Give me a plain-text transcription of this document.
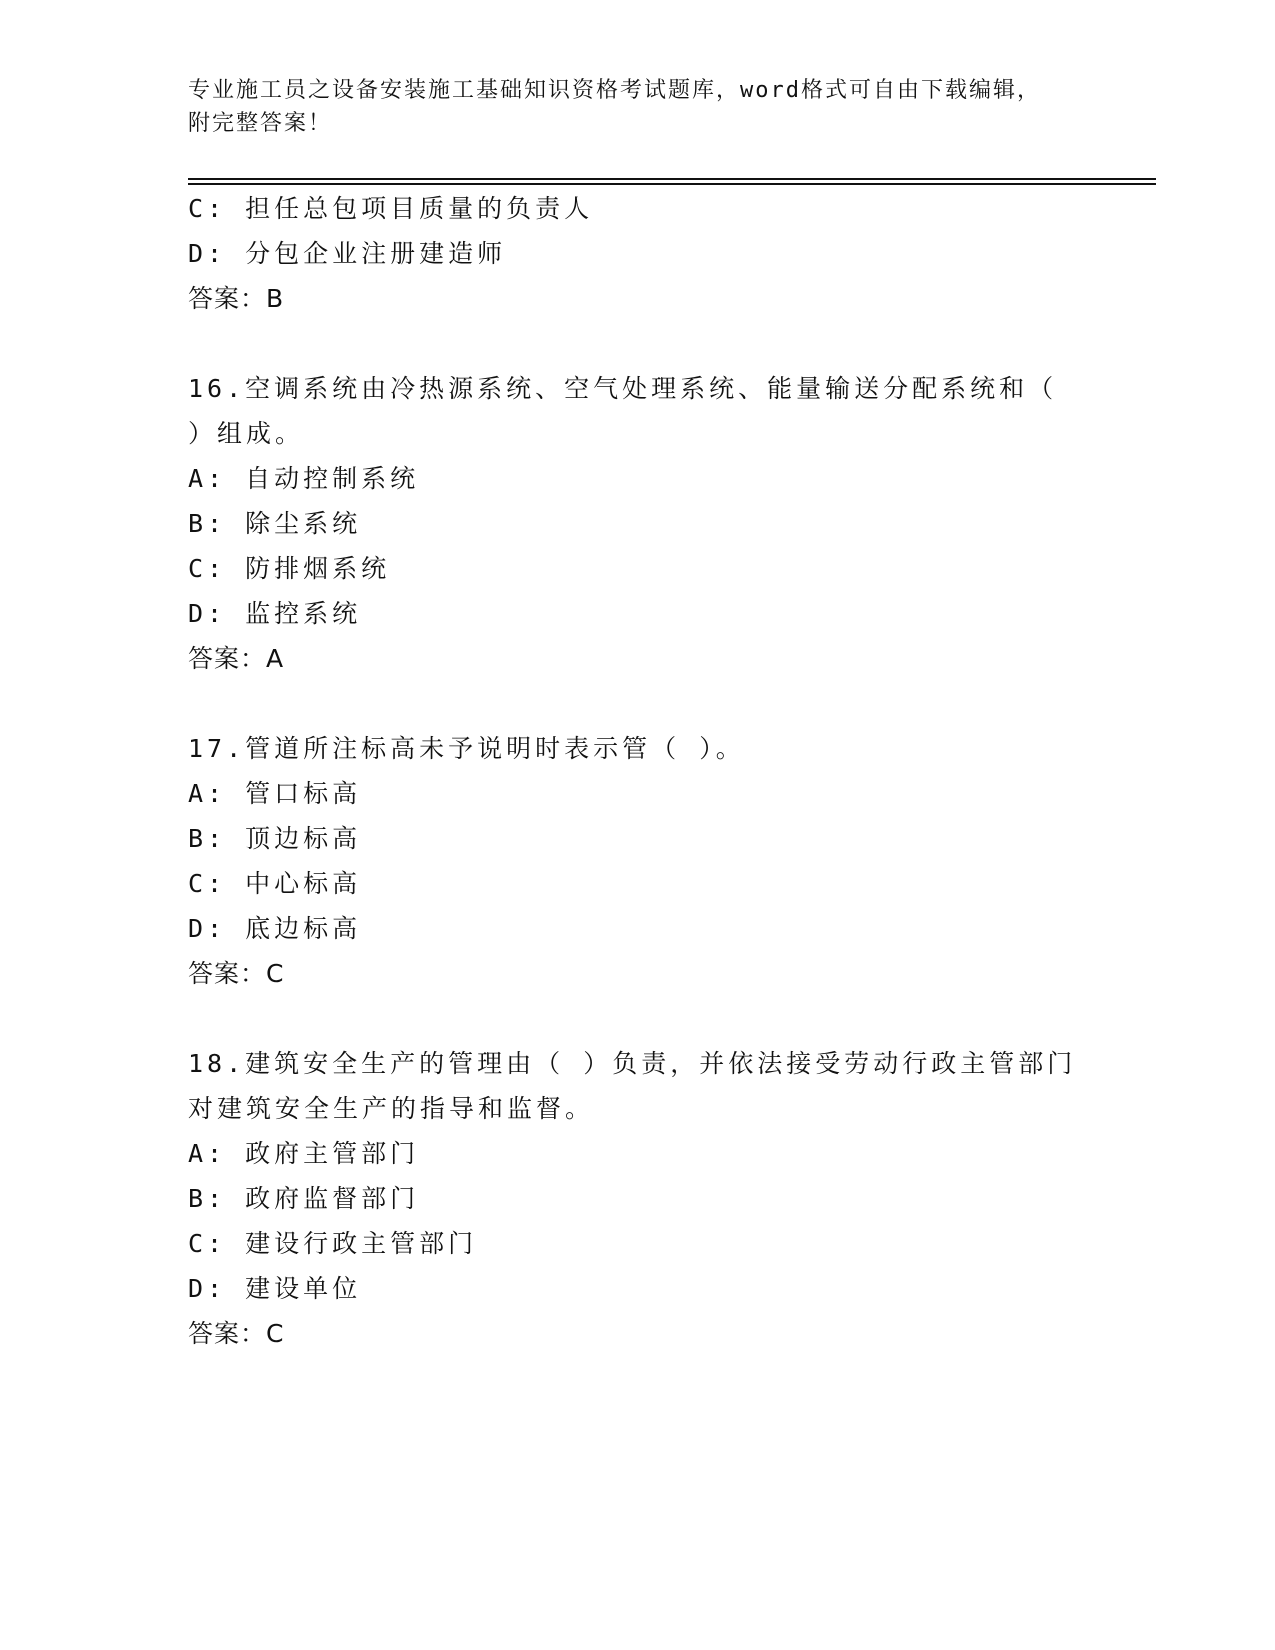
专业施工员之设备安装施工基础知识资格考试题库，word格式可自由下载编辑，
附完整答案！
C: 担任总包项目质量的负责人
D: 分包企业注册建造师
答案：B
16.空调系统由冷热源系统、空气处理系统、能量输送分配系统和（
）组成。
A: 自动控制系统
B: 除尘系统
C: 防排烟系统
D: 监控系统
答案：A
17.管道所注标高未予说明时表示管（ ）。
A: 管口标高
B: 顶边标高
C: 中心标高
D: 底边标高
答案：C
18.建筑安全生产的管理由（ ）负责，并依法接受劳动行政主管部门
对建筑安全生产的指导和监督。
A: 政府主管部门
B: 政府监督部门
C: 建设行政主管部门
D: 建设单位
答案：C
